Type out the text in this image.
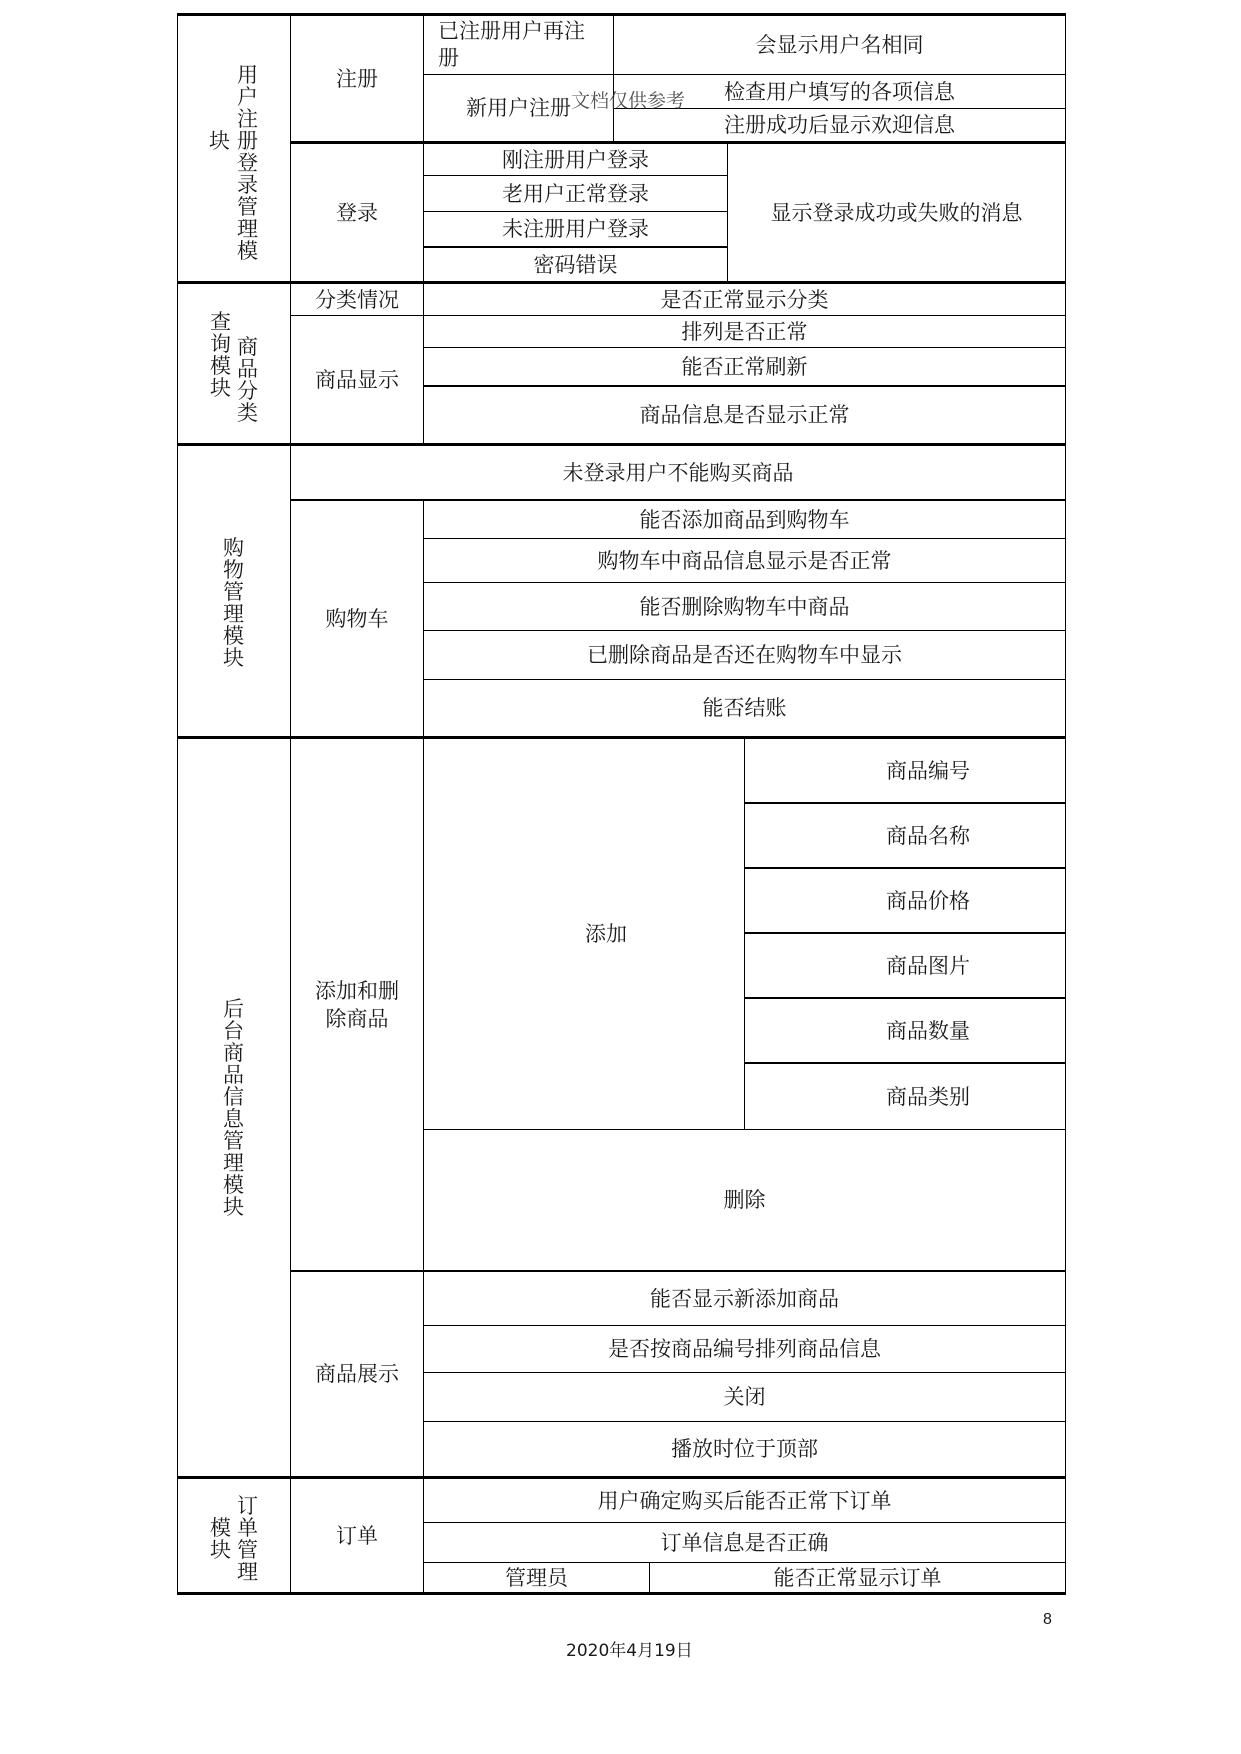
用
户
注
册
登
录
管
理
模
块
注册
已注册用户再注册
会显示用户名相同
新用户注册
检查用户填写的各项信息
注册成功后显示欢迎信息
文档仅供参考
登录
刚注册用户登录
老用户正常登录
未注册用户登录
密码错误
显示登录成功或失败的消息
查
询
模
块
商
品
分
类
分类情况	是否正常显示分类
商品显示
排列是否正常
能否正常刷新
商品信息是否显示正常
购
物
管
理
模
块
未登录用户不能购买商品
购物车
能否添加商品到购物车
购物车中商品信息显示是否正常
能否删除购物车中商品
已删除商品是否还在购物车中显示
能否结账
后
台
商
品
信
息
管
理
模
块
添加和删除商品
添加
商品编号
商品名称
商品价格
商品图片
商品数量
商品类别
删除
商品展示
能否显示新添加商品
是否按商品编号排列商品信息
关闭
播放时位于顶部
模
块
订
单
管
理
订单
用户确定购买后能否正常下订单
订单信息是否正确
管理员	能否正常显示订单
8
2020年4月19日
